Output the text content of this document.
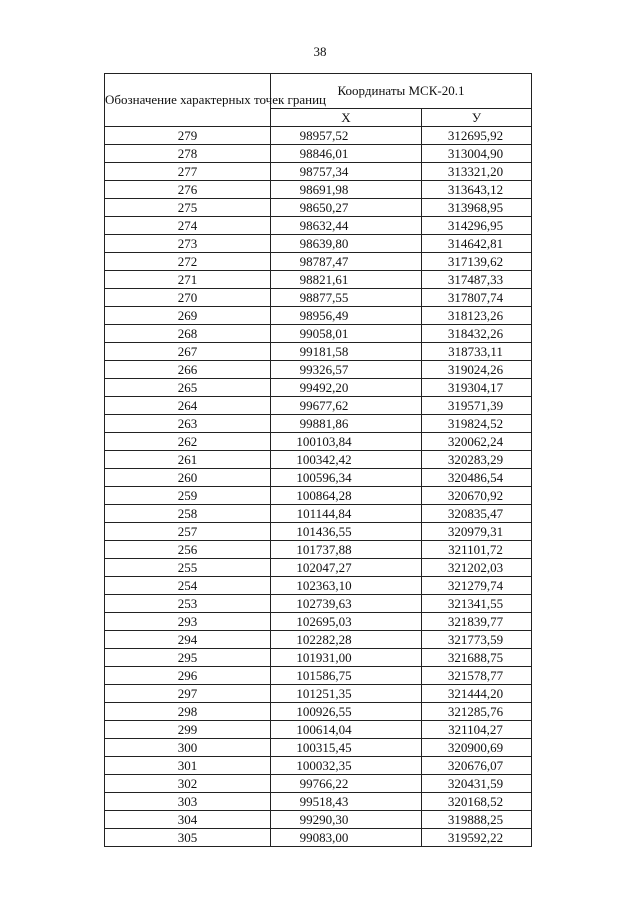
38
Обозначение характерных точек границ	Координаты МСК-20.1	
	X	У
279	98957,52	312695,92
278	98846,01	313004,90
277	98757,34	313321,20
276	98691,98	313643,12
275	98650,27	313968,95
274	98632,44	314296,95
273	98639,80	314642,81
272	98787,47	317139,62
271	98821,61	317487,33
270	98877,55	317807,74
269	98956,49	318123,26
268	99058,01	318432,26
267	99181,58	318733,11
266	99326,57	319024,26
265	99492,20	319304,17
264	99677,62	319571,39
263	99881,86	319824,52
262	100103,84	320062,24
261	100342,42	320283,29
260	100596,34	320486,54
259	100864,28	320670,92
258	101144,84	320835,47
257	101436,55	320979,31
256	101737,88	321101,72
255	102047,27	321202,03
254	102363,10	321279,74
253	102739,63	321341,55
293	102695,03	321839,77
294	102282,28	321773,59
295	101931,00	321688,75
296	101586,75	321578,77
297	101251,35	321444,20
298	100926,55	321285,76
299	100614,04	321104,27
300	100315,45	320900,69
301	100032,35	320676,07
302	99766,22	320431,59
303	99518,43	320168,52
304	99290,30	319888,25
305	99083,00	319592,22
